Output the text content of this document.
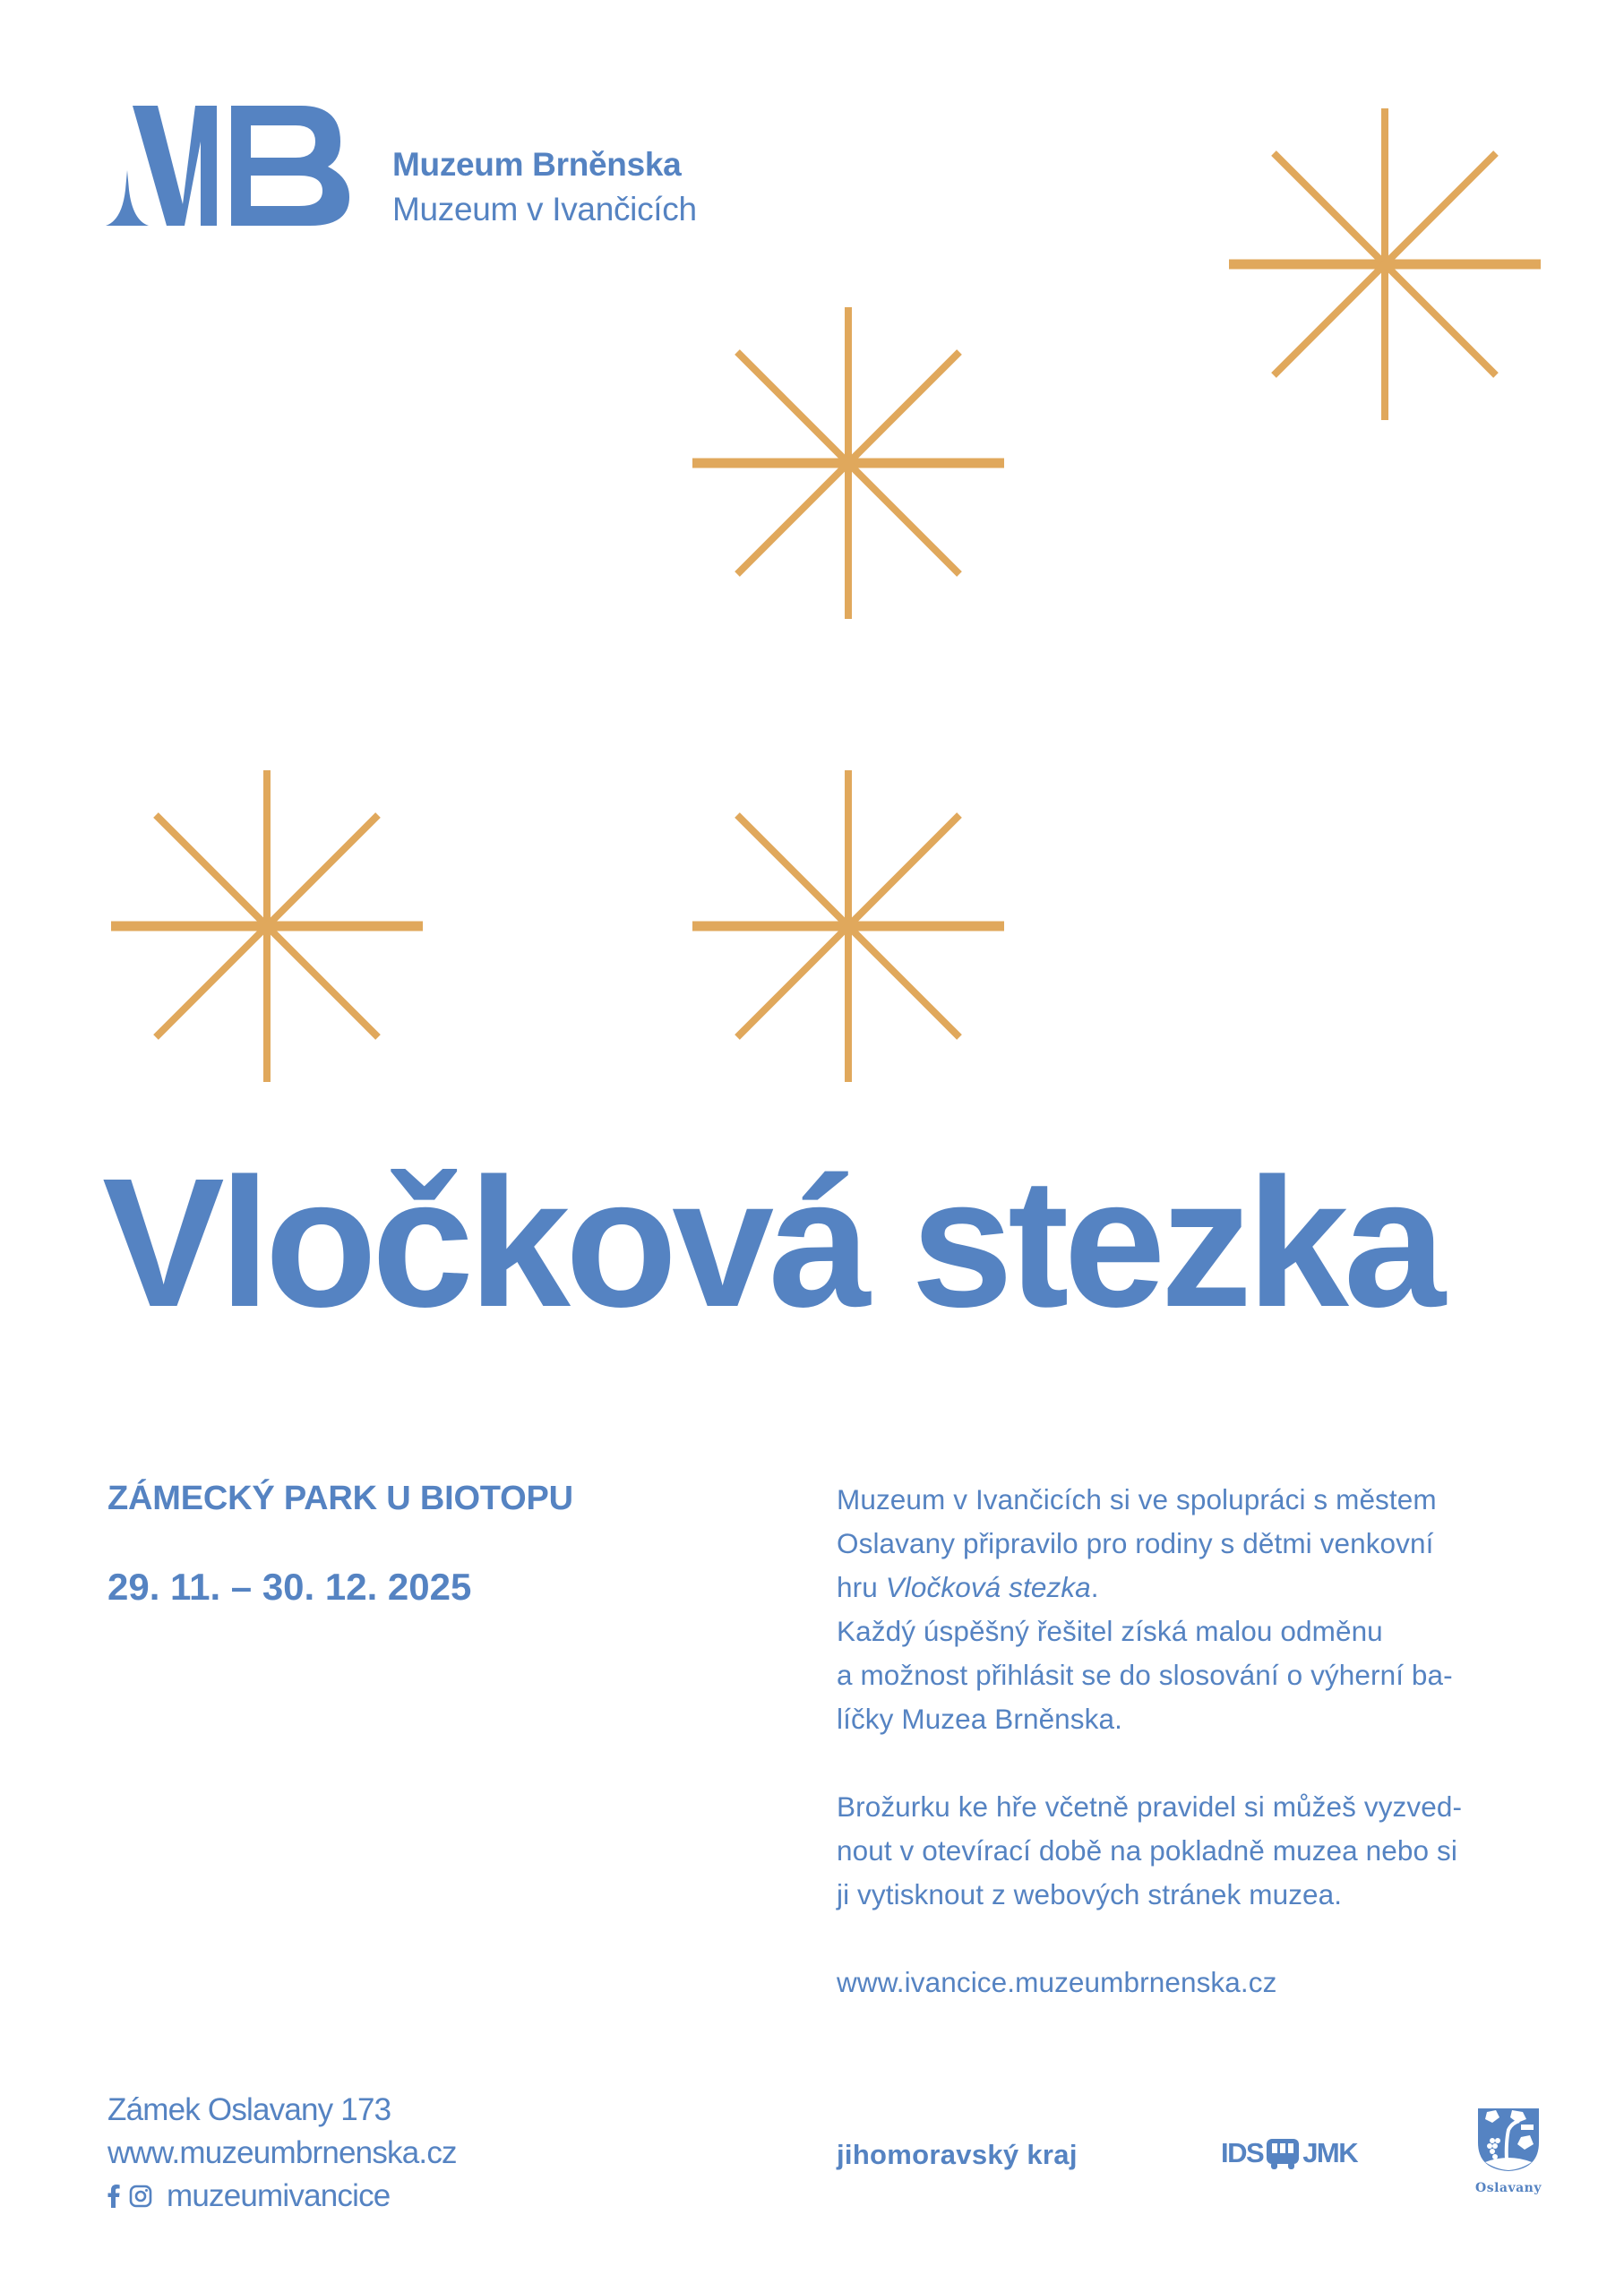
Muzeum Brněnska
Muzeum v Ivančicích
Vločková stezka
ZÁMECKÝ PARK U BIOTOPU
29. 11. – 30. 12. 2025

Muzeum v Ivančicích si ve spolupráci s městem

Oslavany připravilo pro rodiny s dětmi venkovní

hru Vločková stezka.

Každý úspěšný řešitel získá malou odměnu

a možnost přihlásit se do slosování o výherní ba-

líčky Muzea Brněnska.

Brožurku ke hře včetně pravidel si můžeš vyzved-

nout v otevírací době na pokladně muzea nebo si

ji vytisknout z webových stránek muzea.

www.ivancice.muzeumbrnenska.cz

Zámek Oslavany 173
www.muzeumbrnenska.cz
muzeumivancice
jihomoravský kraj	IDS JMK
Oslavany
